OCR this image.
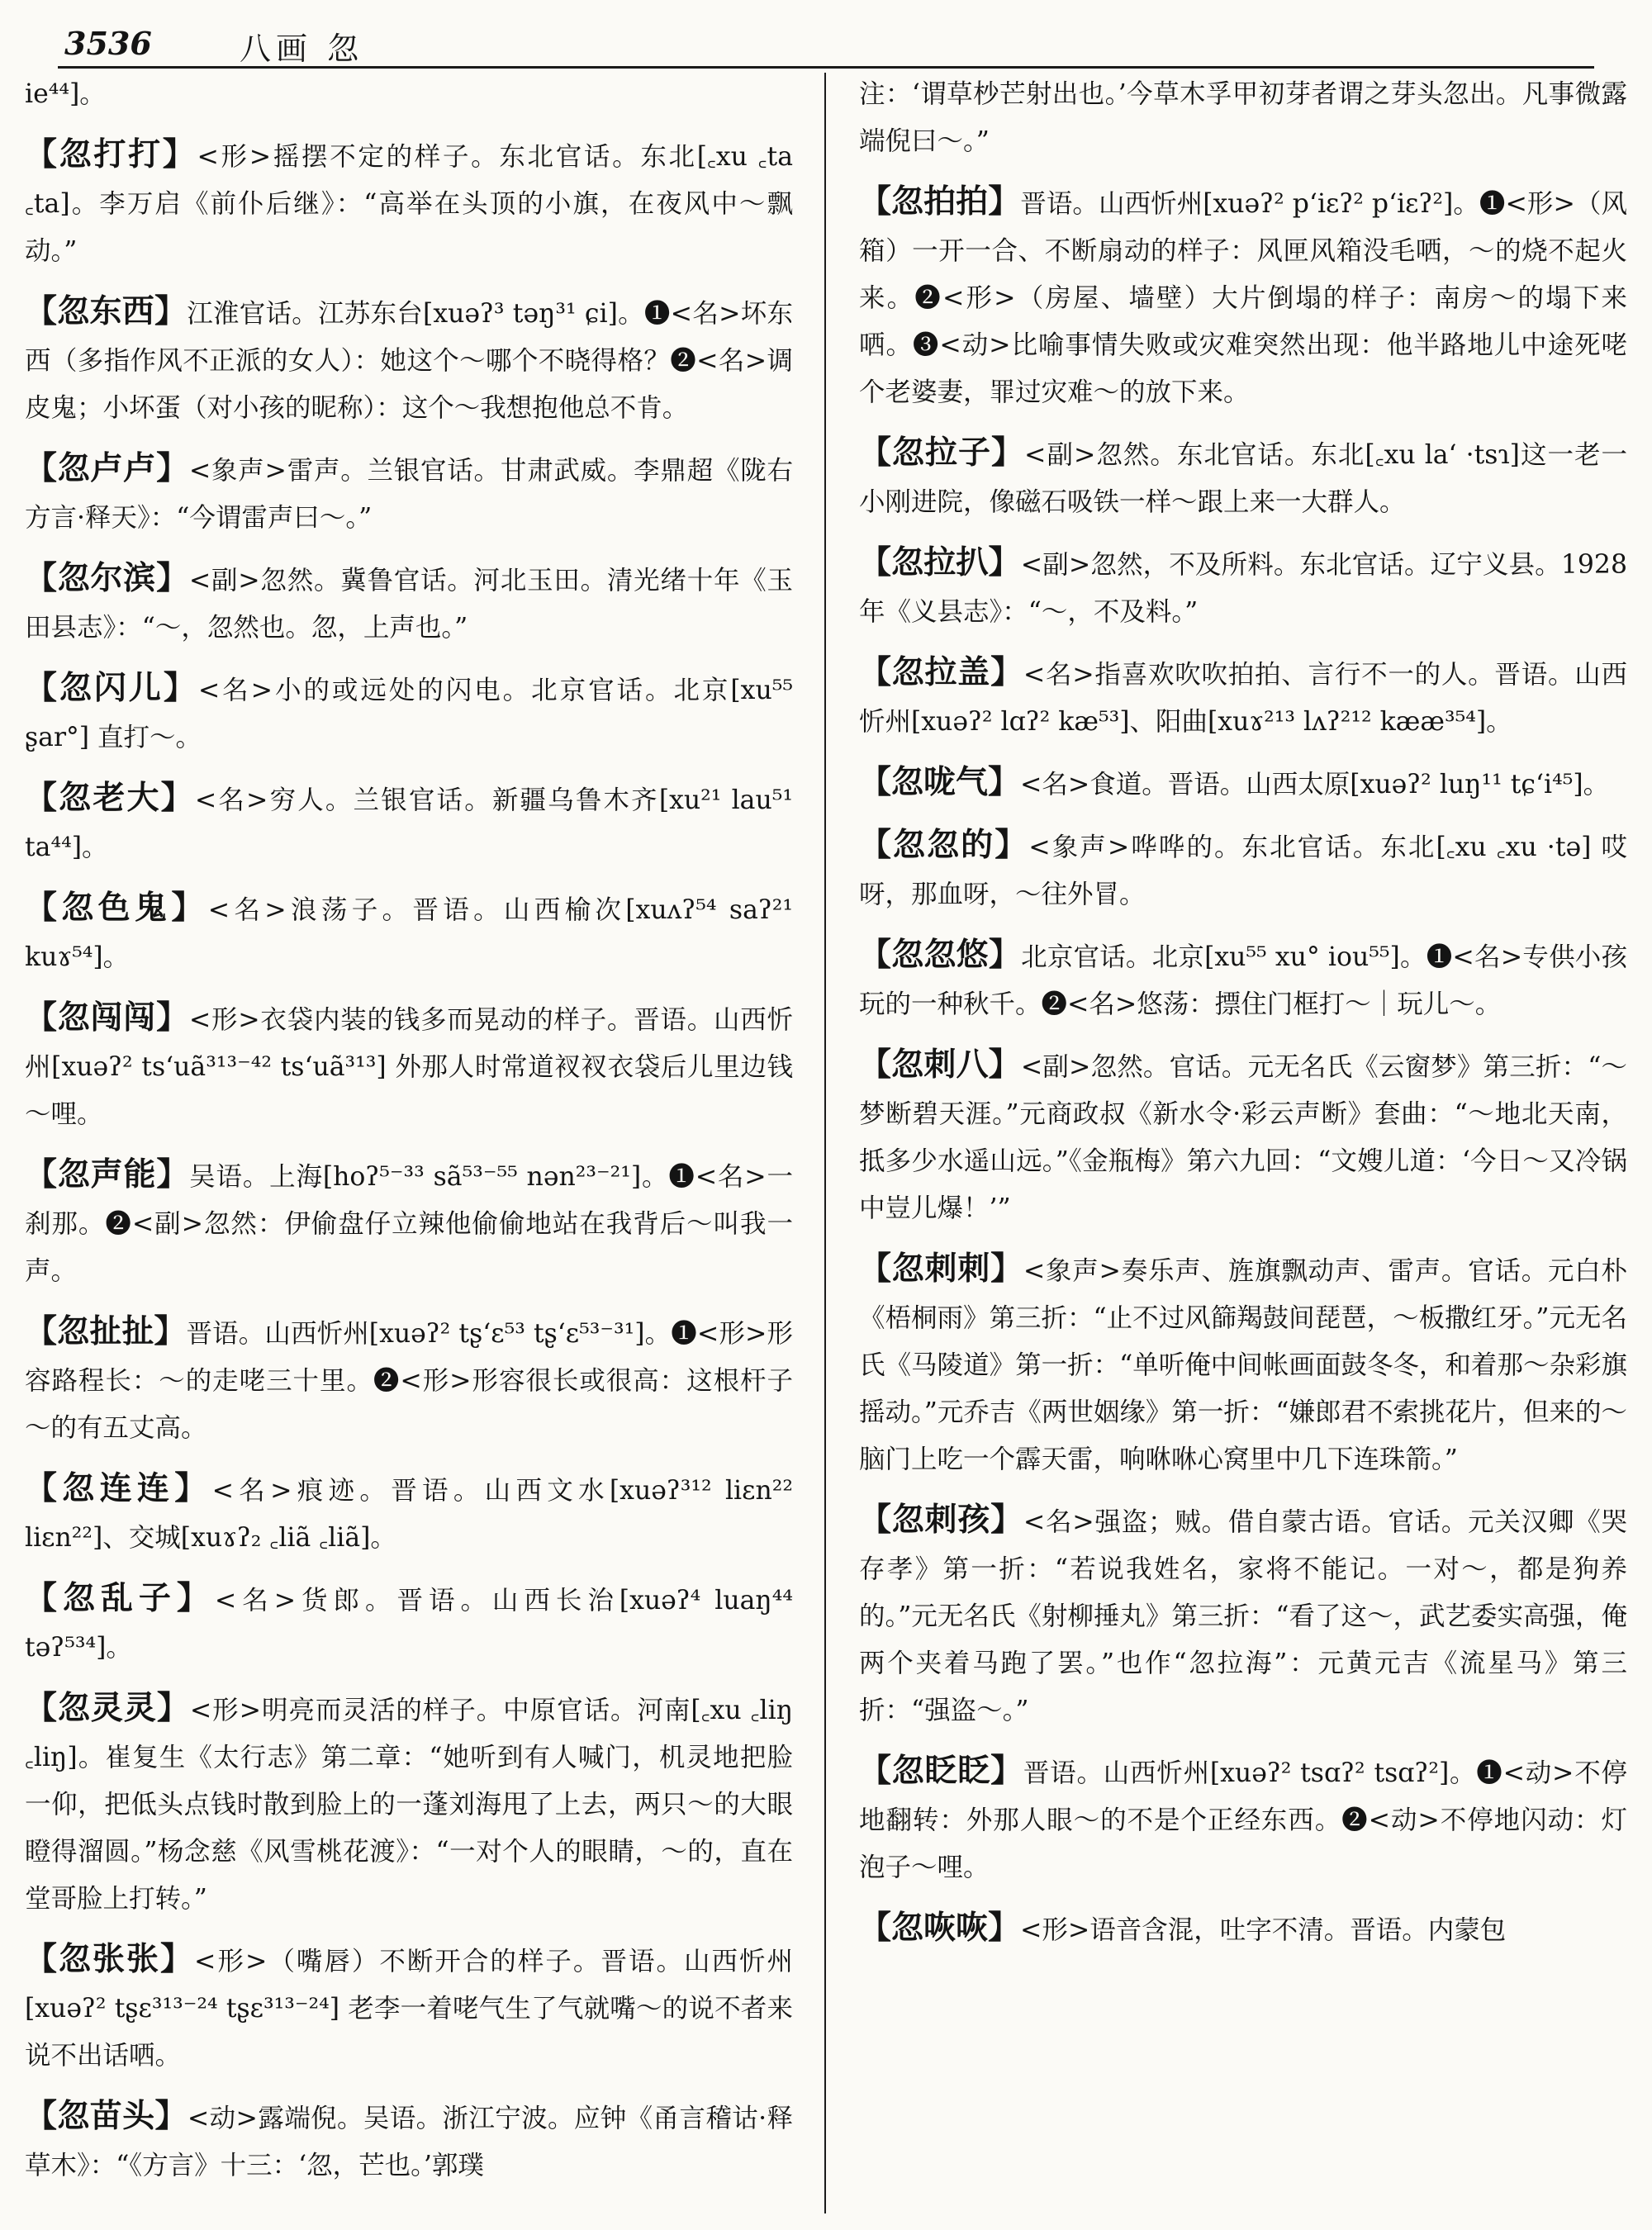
3536	八画 忽

ie⁴⁴]。

【忽打打】<形>摇摆不定的样子。东北官话。东北[꜀xu ꜀ta ꜀ta]。李万启《前仆后继》：“高举在头顶的小旗，在夜风中～飘动。”

【忽东西】江淮官话。江苏东台[xuəʔ³ təŋ³¹ ɕi]。❶<名>坏东西（多指作风不正派的女人）：她这个～哪个不晓得格？❷<名>调皮鬼；小坏蛋（对小孩的昵称）：这个～我想抱他总不肯。

【忽卢卢】<象声>雷声。兰银官话。甘肃武威。李鼎超《陇右方言·释天》：“今谓雷声曰～。”

【忽尔滨】<副>忽然。冀鲁官话。河北玉田。清光绪十年《玉田县志》：“～，忽然也。忽，上声也。”

【忽闪儿】<名>小的或远处的闪电。北京官话。北京[xu⁵⁵ ʂar°] 直打～。

【忽老大】<名>穷人。兰银官话。新疆乌鲁木齐[xu²¹ lau⁵¹ ta⁴⁴]。

【忽色鬼】<名>浪荡子。晋语。山西榆次[xuʌʔ⁵⁴ saʔ²¹ kuɤ⁵⁴]。

【忽闯闯】<形>衣袋内装的钱多而晃动的样子。晋语。山西忻州[xuəʔ² ts‘uã³¹³⁻⁴² ts‘uã³¹³] 外那人时常道衩衩衣袋后儿里边钱～哩。

【忽声能】吴语。上海[hoʔ⁵⁻³³ sã⁵³⁻⁵⁵ nən²³⁻²¹]。❶<名>一刹那。❷<副>忽然：伊偷盘仔立辣他偷偷地站在我背后～叫我一声。

【忽扯扯】晋语。山西忻州[xuəʔ² tʂ‘ɛ⁵³ tʂ‘ɛ⁵³⁻³¹]。❶<形>形容路程长：～的走咾三十里。❷<形>形容很长或很高：这根杆子～的有五丈高。

【忽连连】<名>痕迹。晋语。山西文水[xuəʔ³¹² liɛn²² liɛn²²]、交城[xuɤʔ₂ ꜀liã ꜀liã]。

【忽乱子】<名>货郎。晋语。山西长治[xuəʔ⁴ luaŋ⁴⁴ təʔ⁵³⁴]。

【忽灵灵】<形>明亮而灵活的样子。中原官话。河南[꜀xu ꜀liŋ ꜀liŋ]。崔复生《太行志》第二章：“她听到有人喊门，机灵地把脸一仰，把低头点钱时散到脸上的一蓬刘海甩了上去，两只～的大眼瞪得溜圆。”杨念慈《风雪桃花渡》：“一对个人的眼睛，～的，直在堂哥脸上打转。”

【忽张张】<形>（嘴唇）不断开合的样子。晋语。山西忻州[xuəʔ² tʂɛ³¹³⁻²⁴ tʂɛ³¹³⁻²⁴] 老李一着咾气生了气就嘴～的说不者来说不出话哂。

【忽苗头】<动>露端倪。吴语。浙江宁波。应钟《甬言稽诂·释草木》：“《方言》十三：‘忽，芒也。’郭璞

注：‘谓草杪芒射出也。’今草木孚甲初芽者谓之芽头忽出。凡事微露端倪曰～。”

【忽拍拍】晋语。山西忻州[xuəʔ² p‘iɛʔ² p‘iɛʔ²]。❶<形>（风箱）一开一合、不断扇动的样子：风匣风箱没毛哂，～的烧不起火来。❷<形>（房屋、墙壁）大片倒塌的样子：南房～的塌下来哂。❸<动>比喻事情失败或灾难突然出现：他半路地儿中途死咾个老婆妻，罪过灾难～的放下来。

【忽拉子】<副>忽然。东北官话。东北[꜀xu la‘ ·tsɿ]这一老一小刚进院，像磁石吸铁一样～跟上来一大群人。

【忽拉扒】<副>忽然，不及所料。东北官话。辽宁义县。1928年《义县志》：“～，不及料。”

【忽拉盖】<名>指喜欢吹吹拍拍、言行不一的人。晋语。山西忻州[xuəʔ² lɑʔ² kæ⁵³]、阳曲[xuɤ²¹³ lʌʔ²¹² kææ³⁵⁴]。

【忽咙气】<名>食道。晋语。山西太原[xuəʔ² luŋ¹¹ tɕ‘i⁴⁵]。

【忽忽的】<象声>哗哗的。东北官话。东北[꜀xu ꜀xu ·tə] 哎呀，那血呀，～往外冒。

【忽忽悠】北京官话。北京[xu⁵⁵ xu° iou⁵⁵]。❶<名>专供小孩玩的一种秋千。❷<名>悠荡：摽住门框打～｜玩儿～。

【忽刺八】<副>忽然。官话。元无名氏《云窗梦》第三折：“～梦断碧天涯。”元商政叔《新水令·彩云声断》套曲：“～地北天南，抵多少水遥山远。”《金瓶梅》第六九回：“文嫂儿道：‘今日～又冷锅中豈儿爆！’”

【忽刺刺】<象声>奏乐声、旌旗飘动声、雷声。官话。元白朴《梧桐雨》第三折：“止不过风篩羯鼓间琵琶，～板撒红牙。”元无名氏《马陵道》第一折：“单听俺中间帐画面鼓冬冬，和着那～杂彩旗摇动。”元乔吉《两世姻缘》第一折：“嫌郎君不索挑花片，但来的～脑门上吃一个霹天雷，响咻咻心窝里中几下连珠箭。”

【忽刺孩】<名>强盗；贼。借自蒙古语。官话。元关汉卿《哭存孝》第一折：“若说我姓名，家将不能记。一对～，都是狗养的。”元无名氏《射柳捶丸》第三折：“看了这～，武艺委实高强，俺两个夹着马跑了罢。”也作“忽拉海”：元黄元吉《流星马》第三折：“强盗～。”

【忽眨眨】晋语。山西忻州[xuəʔ² tsɑʔ² tsɑʔ²]。❶<动>不停地翻转：外那人眼～的不是个正经东西。❷<动>不停地闪动：灯泡子～哩。

【忽咴咴】<形>语音含混，吐字不清。晋语。内蒙包
